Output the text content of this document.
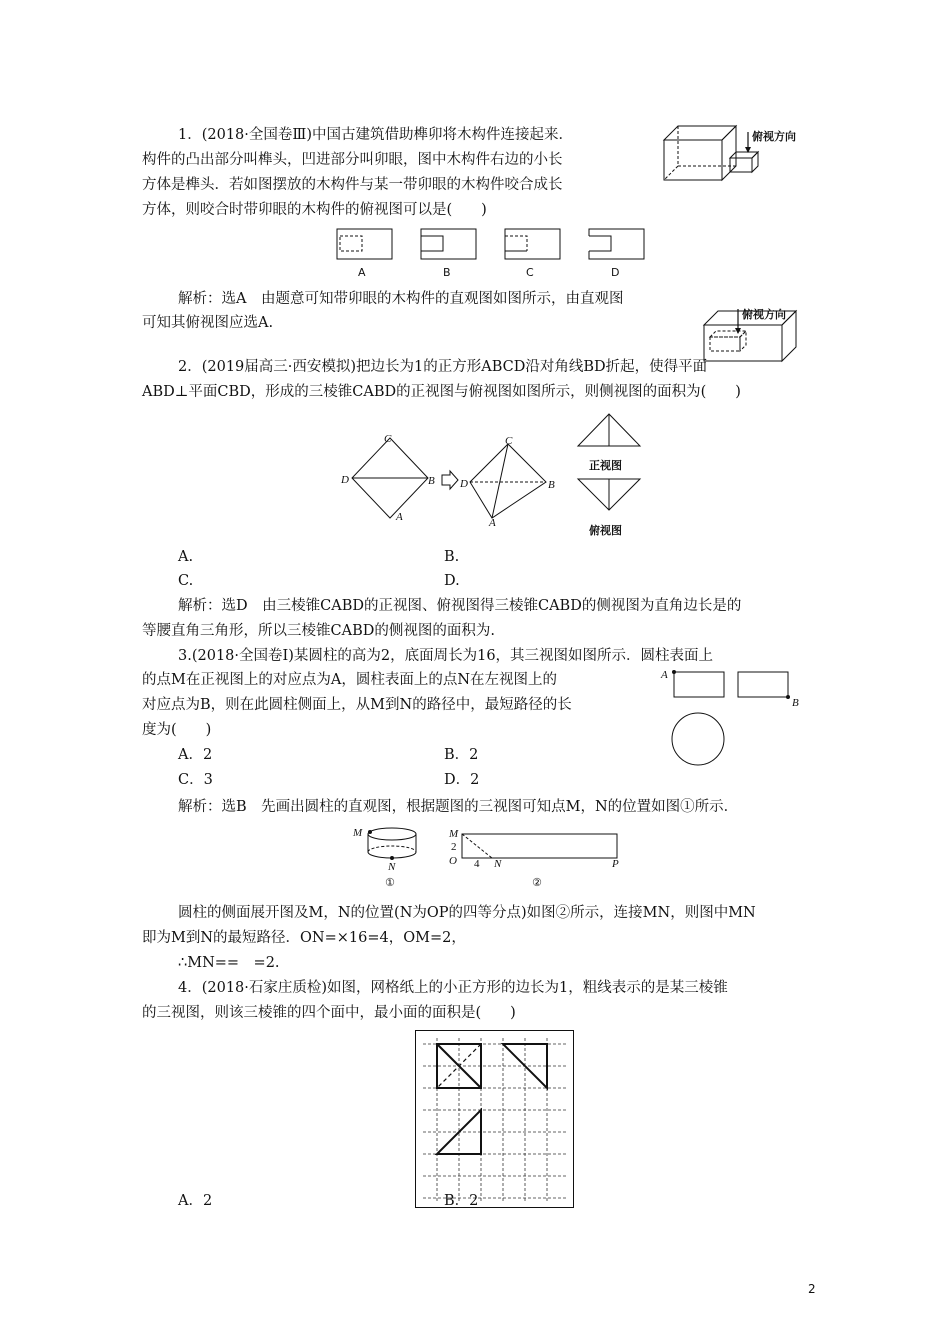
1．(2018·全国卷Ⅲ)中国古建筑借助榫卯将木构件连接起来．
构件的凸出部分叫榫头，凹进部分叫卯眼，图中木构件右边的小长
方体是榫头．若如图摆放的木构件与某一带卯眼的木构件咬合成长
方体，则咬合时带卯眼的木构件的俯视图可以是(　　)
俯视方向
A	B	C	D
解析：选A　由题意可知带卯眼的木构件的直观图如图所示，由直观图
可知其俯视图应选A.
俯视方向
2．(2019届高三·西安模拟)把边长为1的正方形ABCD沿对角线BD折起，使得平面
ABD⊥平面CBD，形成的三棱锥CABD的正视图与俯视图如图所示，则侧视图的面积为(　　)
C
D	B
A
C
D	B
A
正视图
俯视图
A.	B.
C.	D.
解析：选D　由三棱锥CABD的正视图、俯视图得三棱锥CABD的侧视图为直角边长是的
等腰直角三角形，所以三棱锥CABD的侧视图的面积为.
3.(2018·全国卷Ⅰ)某圆柱的高为2，底面周长为16，其三视图如图所示．圆柱表面上
的点M在正视图上的对应点为A，圆柱表面上的点N在左视图上的
对应点为B，则在此圆柱侧面上，从M到N的路径中，最短路径的长
度为(　　)
A
B
A．2	B．2
C．3	D．2
解析：选B　先画出圆柱的直观图，根据题图的三视图可知点M，N的位置如图①所示．
M
N
①
M
2
O 4 N	P
②
圆柱的侧面展开图及M，N的位置(N为OP的四等分点)如图②所示，连接MN，则图中MN
即为M到N的最短路径．ON=×16=4，OM=2，
∴MN==　=2.
4．(2018·石家庄质检)如图，网格纸上的小正方形的边长为1，粗线表示的是某三棱锥
的三视图，则该三棱锥的四个面中，最小面的面积是(　　)
A．2	B．2
2
